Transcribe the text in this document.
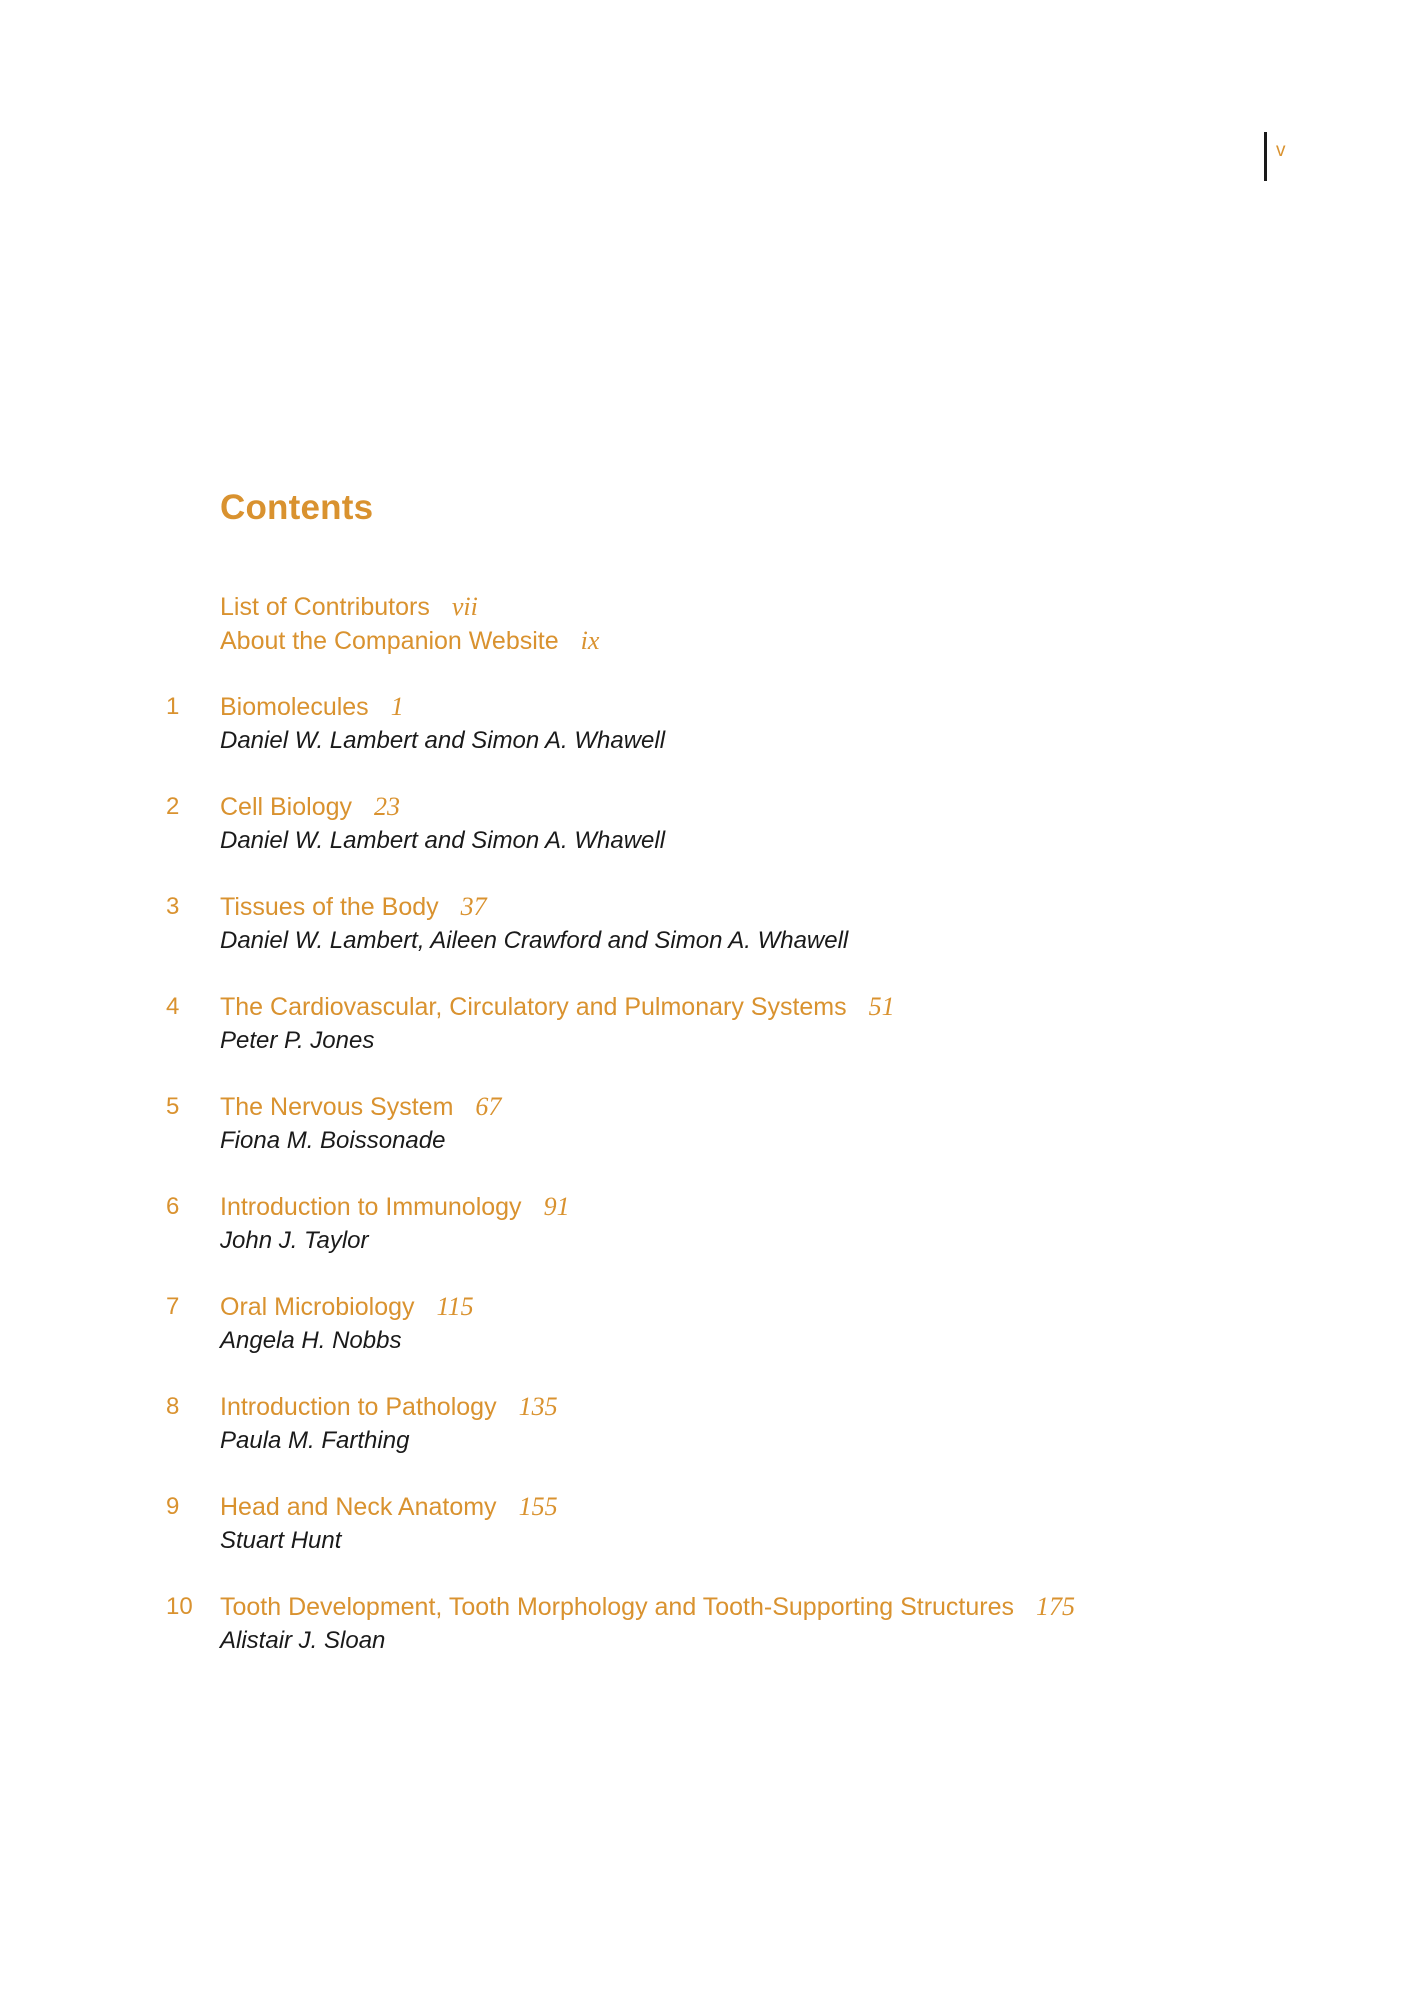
v
Contents
List of Contributors vii
About the Companion Website ix
1 Biomolecules 1
Daniel W. Lambert and Simon A. Whawell
2 Cell Biology 23
Daniel W. Lambert and Simon A. Whawell
3 Tissues of the Body 37
Daniel W. Lambert, Aileen Crawford and Simon A. Whawell
4 The Cardiovascular, Circulatory and Pulmonary Systems 51
Peter P. Jones
5 The Nervous System 67
Fiona M. Boissonade
6 Introduction to Immunology 91
John J. Taylor
7 Oral Microbiology 115
Angela H. Nobbs
8 Introduction to Pathology 135
Paula M. Farthing
9 Head and Neck Anatomy 155
Stuart Hunt
10 Tooth Development, Tooth Morphology and Tooth-Supporting Structures 175
Alistair J. Sloan
